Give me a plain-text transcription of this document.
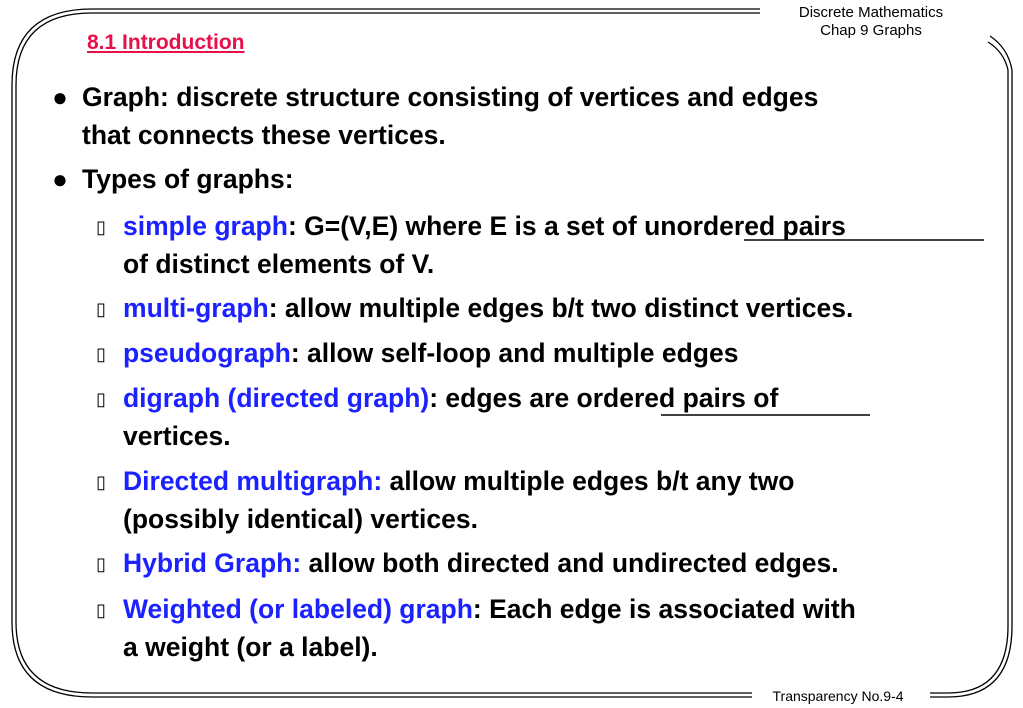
Discrete Mathematics
Chap 9 Graphs
8.1 Introduction
● Graph: discrete structure consisting of vertices and edges
that connects these vertices.
● Types of graphs:
▯ simple graph: G=(V,E) where E is a set of unordered pairs
of distinct elements of V.
▯ multi-graph: allow multiple edges b/t two distinct vertices.
▯ pseudograph: allow self-loop and multiple edges
▯ digraph (directed graph): edges are ordered pairs of
vertices.
▯ Directed multigraph: allow multiple edges b/t any two
(possibly identical) vertices.
▯ Hybrid Graph: allow both directed and undirected edges.
▯ Weighted (or labeled) graph: Each edge is associated with
a weight (or a label).
Transparency No.9-4
